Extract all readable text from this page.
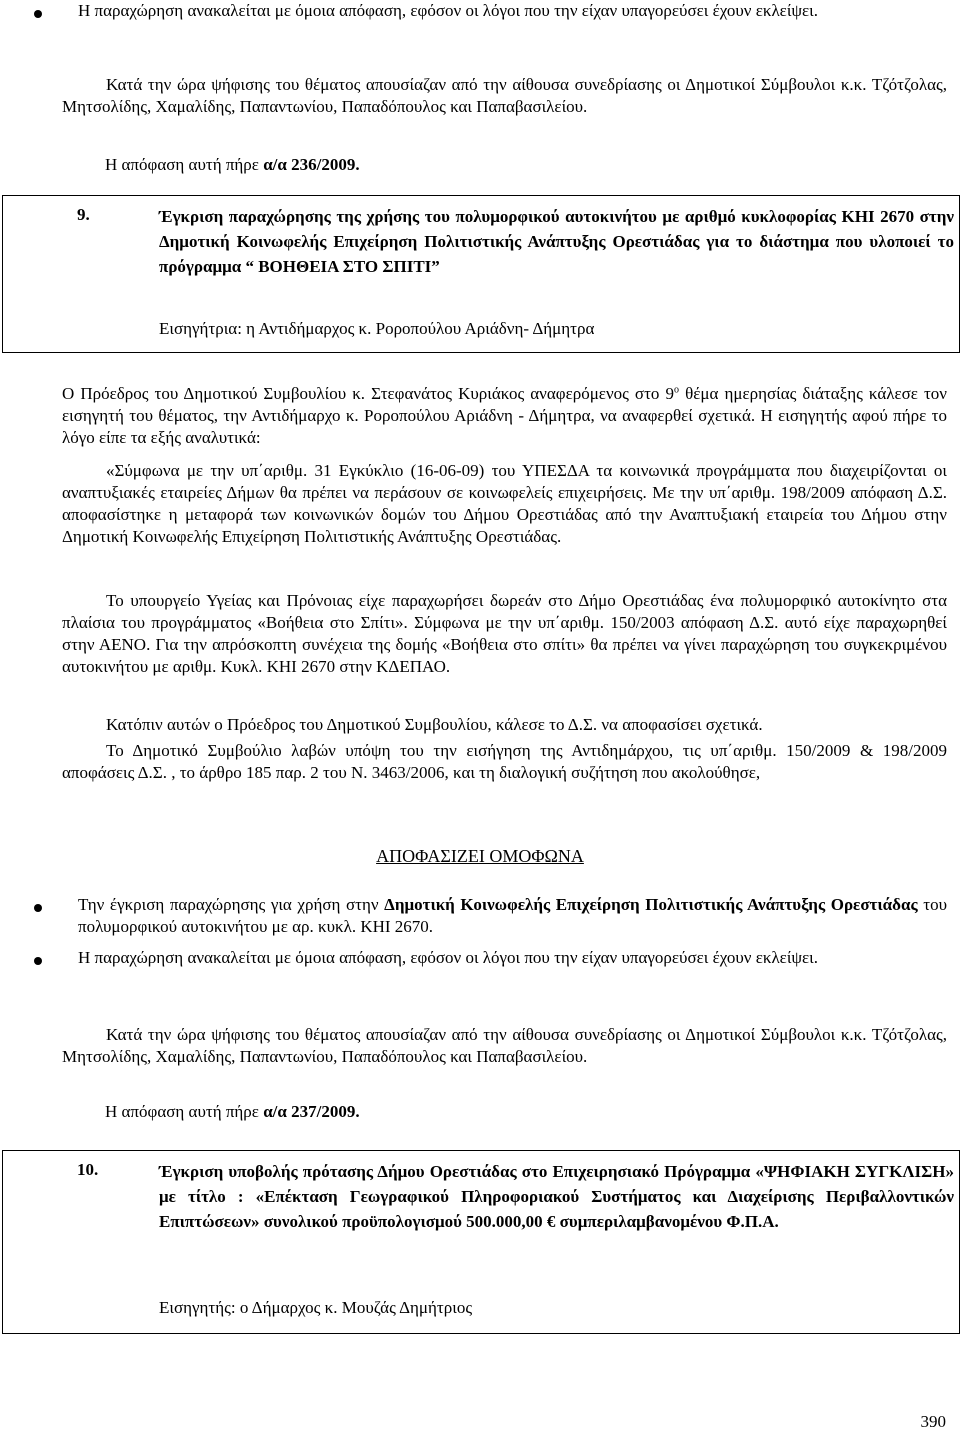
Η παραχώρηση ανακαλείται με όμοια απόφαση, εφόσον οι λόγοι που την είχαν υπαγορεύσει έχουν εκλείψει.
Κατά την ώρα ψήφισης του θέματος απουσίαζαν από την αίθουσα συνεδρίασης οι Δημοτικοί Σύμβουλοι κ.κ. Τζότζολας, Μητσολίδης, Χαμαλίδης, Παπαντωνίου, Παπαδόπουλος και Παπαβασιλείου.
Η απόφαση αυτή πήρε α/α 236/2009.
9.	Έγκριση παραχώρησης της χρήσης του πολυμορφικού αυτοκινήτου με αριθμό κυκλοφορίας ΚΗΙ 2670 στην Δημοτική Κοινωφελής Επιχείρηση Πολιτιστικής Ανάπτυξης Ορεστιάδας για το διάστημα που υλοποιεί το πρόγραμμα “ ΒΟΗΘΕΙΑ ΣΤΟ ΣΠΙΤΙ”
Εισηγήτρια: η Αντιδήμαρχος κ. Ροροπούλου Αριάδνη- Δήμητρα
Ο Πρόεδρος του Δημοτικού Συμβουλίου κ. Στεφανάτος Κυριάκος αναφερόμενος στο $9^o$ θέμα ημερησίας διάταξης κάλεσε τον εισηγητή του θέματος, την Αντιδήμαρχο κ. Ροροπούλου Αριάδνη - Δήμητρα, να αναφερθεί σχετικά. Η εισηγητής αφού πήρε το λόγο είπε τα εξής αναλυτικά:
«Σύμφωνα με την υπ΄αριθμ. 31 Εγκύκλιο (16-06-09) του ΥΠΕΣΔΑ τα κοινωνικά προγράμματα που διαχειρίζονται οι αναπτυξιακές εταιρείες Δήμων θα πρέπει να περάσουν σε κοινωφελείς επιχειρήσεις. Με την υπ΄αριθμ. 198/2009 απόφαση Δ.Σ. αποφασίστηκε η μεταφορά των κοινωνικών δομών του Δήμου Ορεστιάδας από την Αναπτυξιακή εταιρεία του Δήμου στην Δημοτική Κοινωφελής Επιχείρηση Πολιτιστικής Ανάπτυξης Ορεστιάδας.
Το υπουργείο Υγείας και Πρόνοιας είχε παραχωρήσει δωρεάν στο Δήμο Ορεστιάδας ένα πολυμορφικό αυτοκίνητο στα πλαίσια του προγράμματος «Βοήθεια στο Σπίτι». Σύμφωνα με την υπ΄αριθμ. 150/2003 απόφαση Δ.Σ. αυτό είχε παραχωρηθεί στην ΑΕΝΟ. Για την απρόσκοπτη συνέχεια της δομής «Βοήθεια στο σπίτι» θα πρέπει να γίνει παραχώρηση του συγκεκριμένου αυτοκινήτου με αριθμ. Κυκλ. ΚΗΙ 2670 στην ΚΔΕΠΑΟ.
Κατόπιν αυτών ο Πρόεδρος του Δημοτικού Συμβουλίου, κάλεσε το Δ.Σ. να αποφασίσει σχετικά.
Το Δημοτικό Συμβούλιο λαβών υπόψη του την εισήγηση της Αντιδημάρχου, τις υπ΄αριθμ. 150/2009 & 198/2009 αποφάσεις Δ.Σ. , το άρθρο 185 παρ. 2 του Ν. 3463/2006, και τη διαλογική συζήτηση που ακολούθησε,
ΑΠΟΦΑΣΙΖΕΙ ΟΜΟΦΩΝΑ
Την έγκριση παραχώρησης για χρήση στην Δημοτική Κοινωφελής Επιχείρηση Πολιτιστικής Ανάπτυξης Ορεστιάδας του πολυμορφικού αυτοκινήτου με αρ. κυκλ. ΚΗΙ 2670.
Η παραχώρηση ανακαλείται με όμοια απόφαση, εφόσον οι λόγοι που την είχαν υπαγορεύσει έχουν εκλείψει.
Κατά την ώρα ψήφισης του θέματος απουσίαζαν από την αίθουσα συνεδρίασης οι Δημοτικοί Σύμβουλοι κ.κ. Τζότζολας, Μητσολίδης, Χαμαλίδης, Παπαντωνίου, Παπαδόπουλος και Παπαβασιλείου.
Η απόφαση αυτή πήρε α/α 237/2009.
10.	Έγκριση υποβολής πρότασης Δήμου Ορεστιάδας στο Επιχειρησιακό Πρόγραμμα «ΨΗΦΙΑΚΗ ΣΥΓΚΛΙΣΗ» με τίτλο : «Επέκταση Γεωγραφικού Πληροφοριακού Συστήματος και Διαχείρισης Περιβαλλοντικών Επιπτώσεων» συνολικού προϋπολογισμού 500.000,00 € συμπεριλαμβανομένου Φ.Π.Α.
Εισηγητής: ο Δήμαρχος κ. Μουζάς Δημήτριος
390
